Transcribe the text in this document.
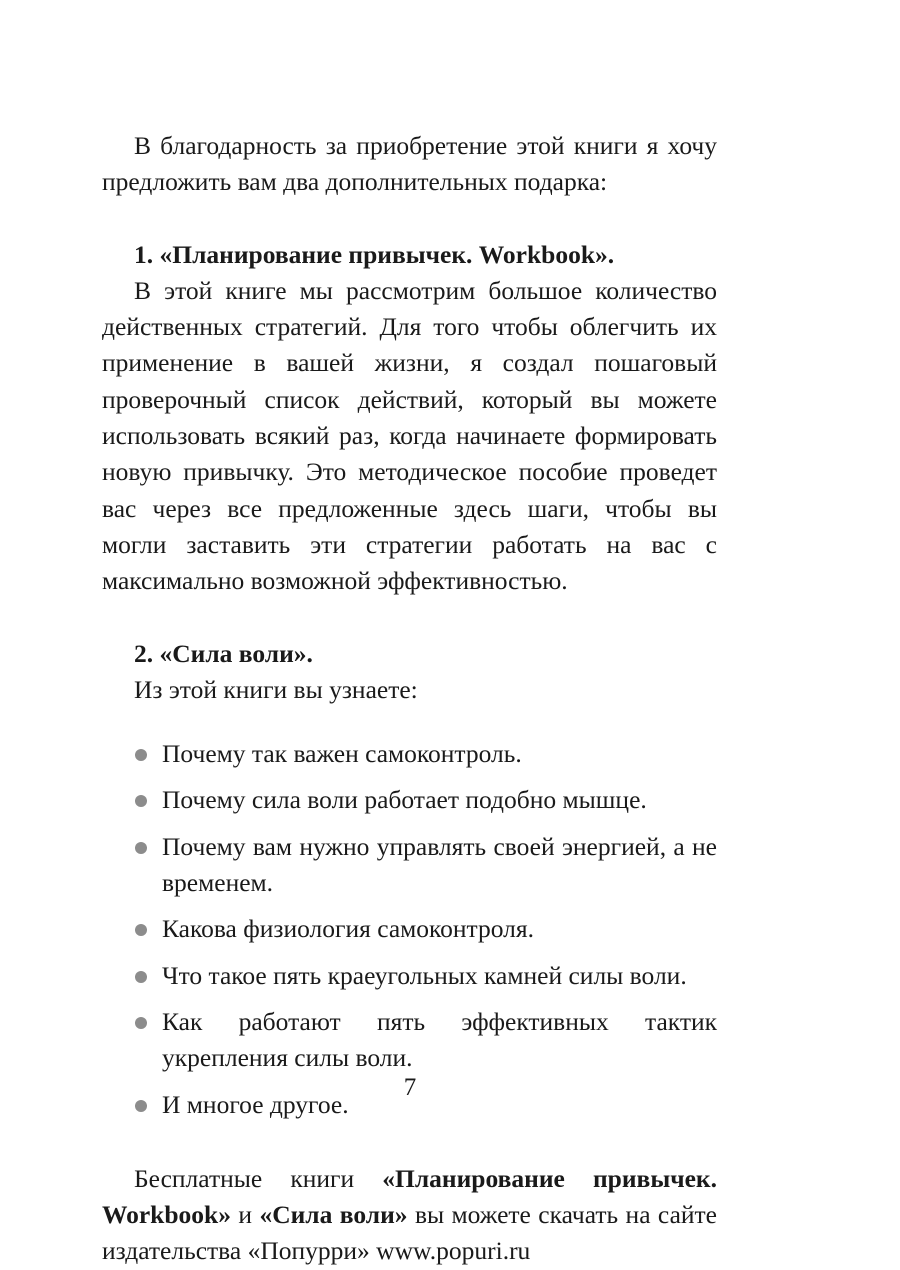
В благодарность за приобретение этой книги я хочу предложить вам два дополнительных подарка:

1. «Планирование привычек. Workbook».

В этой книге мы рассмотрим большое количество действенных стратегий. Для того чтобы облегчить их применение в вашей жизни, я создал пошаговый проверочный список действий, который вы можете использовать всякий раз, когда начинаете формировать новую привычку. Это методическое пособие проведет вас через все предложенные здесь шаги, чтобы вы могли заставить эти стратегии работать на вас с максимально возможной эффективностью.

2. «Сила воли».

Из этой книги вы узнаете:

Почему так важен самоконтроль.
Почему сила воли работает подобно мышце.
Почему вам нужно управлять своей энергией, а не временем.
Какова физиология самоконтроля.
Что такое пять краеугольных камней силы воли.
Как работают пять эффективных тактик укрепления силы воли.
И многое другое.

Бесплатные книги «Планирование привычек. Workbook» и «Сила воли» вы можете скачать на сайте издательства «Попурри» www.popuri.ru

7
